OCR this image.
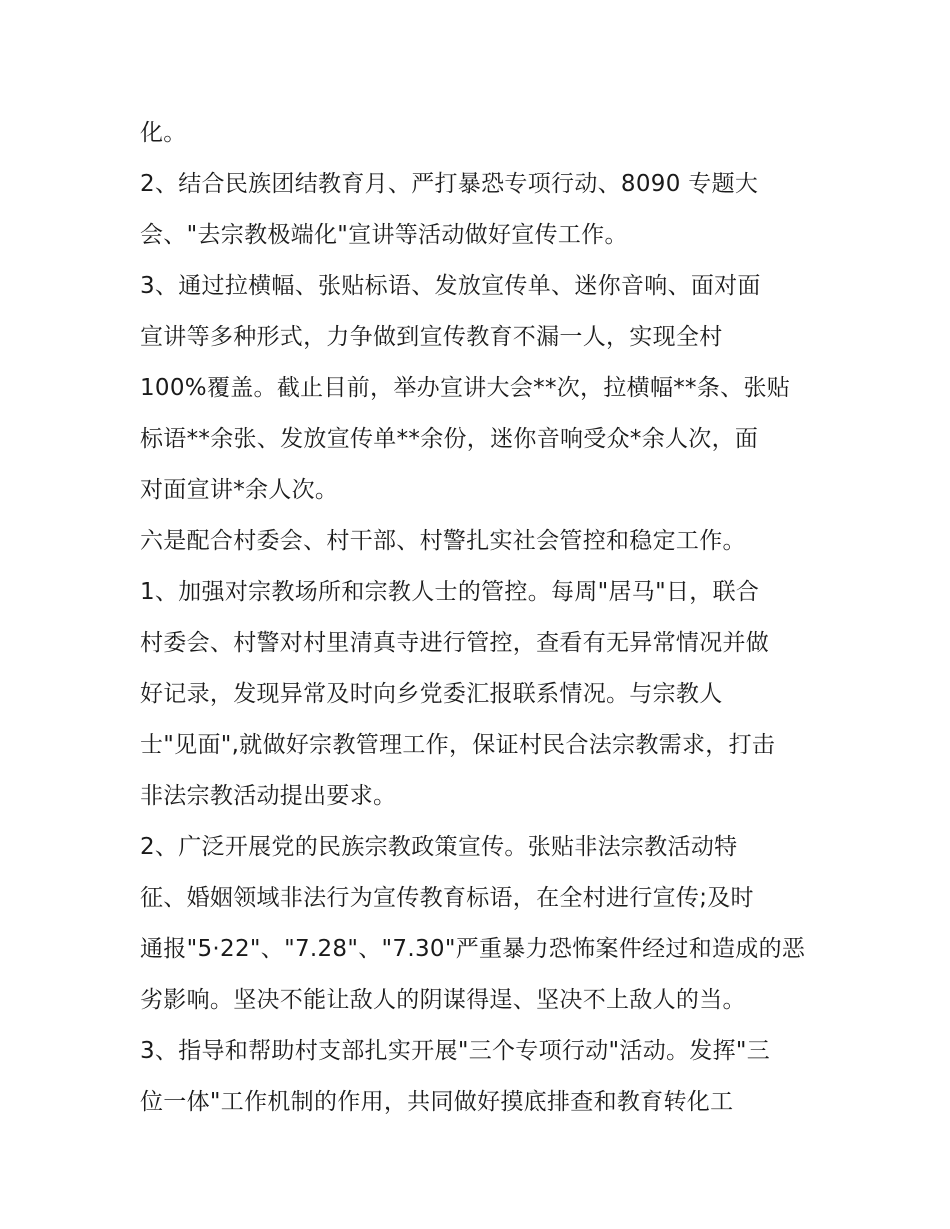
化。
2、结合民族团结教育月、严打暴恐专项行动、8090 专题大
会、"去宗教极端化"宣讲等活动做好宣传工作。
3、通过拉横幅、张贴标语、发放宣传单、迷你音响、面对面
宣讲等多种形式，力争做到宣传教育不漏一人，实现全村
100%覆盖。截止目前，举办宣讲大会**次，拉横幅**条、张贴
标语**余张、发放宣传单**余份，迷你音响受众*余人次，面
对面宣讲*余人次。
六是配合村委会、村干部、村警扎实社会管控和稳定工作。
1、加强对宗教场所和宗教人士的管控。每周"居马"日，联合
村委会、村警对村里清真寺进行管控，查看有无异常情况并做
好记录，发现异常及时向乡党委汇报联系情况。与宗教人
士"见面",就做好宗教管理工作，保证村民合法宗教需求，打击
非法宗教活动提出要求。
2、广泛开展党的民族宗教政策宣传。张贴非法宗教活动特
征、婚姻领域非法行为宣传教育标语，在全村进行宣传;及时
通报"5·22"、"7.28"、"7.30"严重暴力恐怖案件经过和造成的恶
劣影响。坚决不能让敌人的阴谋得逞、坚决不上敌人的当。
3、指导和帮助村支部扎实开展"三个专项行动"活动。发挥"三
位一体"工作机制的作用，共同做好摸底排查和教育转化工
